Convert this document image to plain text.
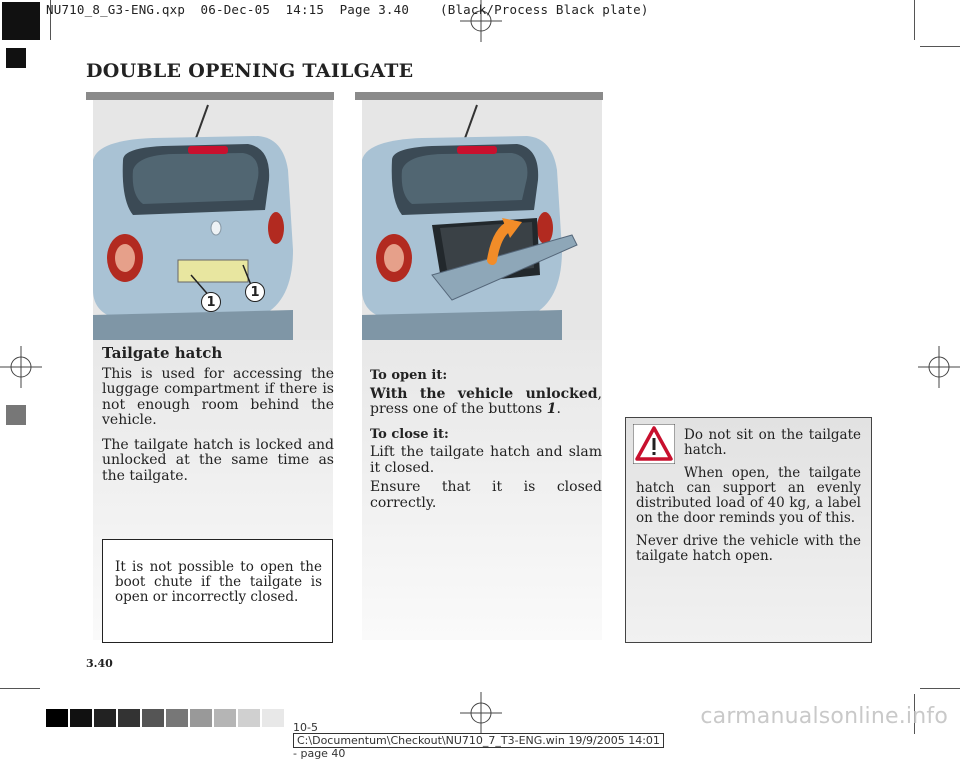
NU710_8_G3-ENG.qxp  06-Dec-05  14:15  Page 3.40    (Black/Process Black plate)
DOUBLE OPENING TAILGATE
1
1
Tailgate hatch

This is used for accessing the luggage compartment if there is not enough room behind the vehicle.

The tailgate hatch is locked and unlocked at the same time as the tailgate.

It is not possible to open the boot chute if the tailgate is open or incorrectly closed.
To open it:

With the vehicle unlocked, press one of the buttons 1.

To close it:

Lift the tailgate hatch and slam it closed.

Ensure that it is closed correctly.

Do not sit on the tailgate hatch.

When open, the tailgate hatch can support an evenly distributed load of 40 kg, a label on the door reminds you of this.

Never drive the vehicle with the tailgate hatch open.

3.40

10-5
C:\Documentum\Checkout\NU710_7_T3-ENG.win 19/9/2005 14:01
- page 40

carmanualsonline.info
